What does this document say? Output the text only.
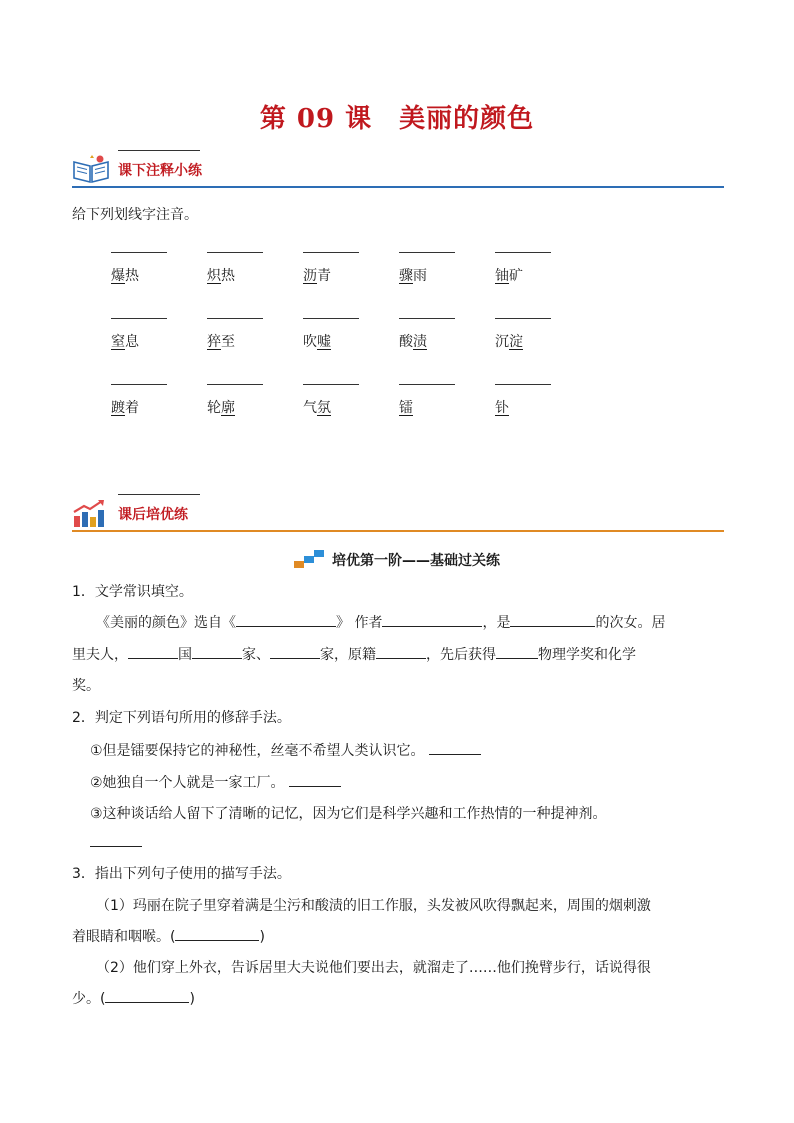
第 09 课　美丽的颜色
课下注释小练
给下列划线字注音。
爆热	炽热	沥青	骤雨	铀矿
窒息	猝至	吹嘘	酸渍	沉淀
踱着	轮廓	气氛	镭	钋
课后培优练
培优第一阶——基础过关练
1．文学常识填空。
《美丽的颜色》选自《	》 作者	，是	的次女。居
里夫人，	国	家、	家，原籍	，先后获得	物理学奖和化学
奖。
2．判定下列语句所用的修辞手法。
①但是镭要保持它的神秘性，丝毫不希望人类认识它。
②她独自一个人就是一家工厂。
③这种谈话给人留下了清晰的记忆，因为它们是科学兴趣和工作热情的一种提神剂。
3．指出下列句子使用的描写手法。
（1）玛丽在院子里穿着满是尘污和酸渍的旧工作服，头发被风吹得飘起来，周围的烟刺激
着眼睛和咽喉。(	)
（2）他们穿上外衣，告诉居里大夫说他们要出去，就溜走了……他们挽臂步行，话说得很
少。(	)
